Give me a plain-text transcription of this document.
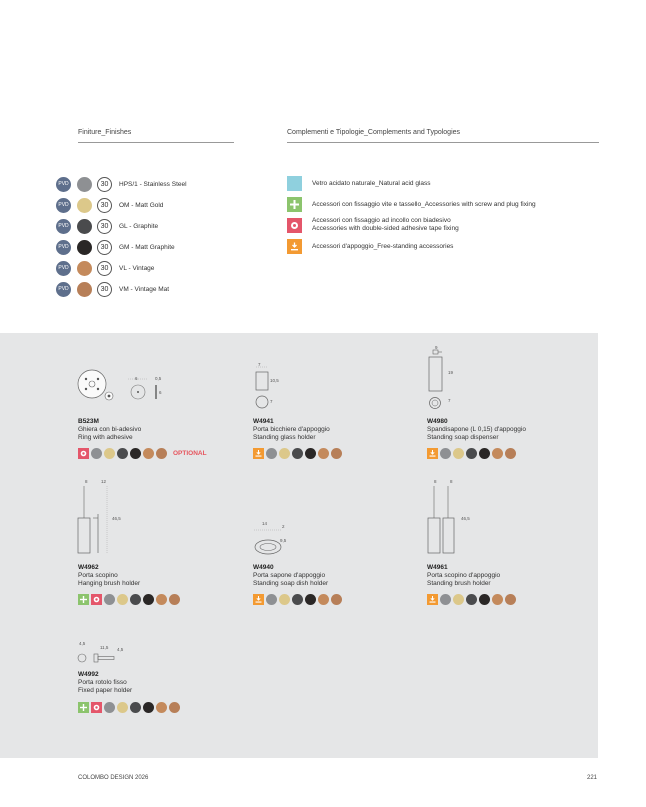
Finiture_Finishes	Complementi e Tipologie_Complements and Typologies
PVD	30	HPS/1 - Stainless Steel
PVD	30	OM - Matt Gold
PVD	30	GL - Graphite
PVD	30	GM - Matt Graphite
PVD	30	VL - Vintage
PVD	30	VM - Vintage Mat
Vetro acidato naturale_Natural acid glass
Accessori con fissaggio vite e tassello_Accessories with screw and plug fixing
Accessori con fissaggio ad incollo con biadesivo
Accessories with double-sided adhesive tape fixing
Accessori d'appoggio_Free-standing accessories
6	0,5
6
7
10,5
7
9
19
7
8	12
46,5
14
9,5
2
8	8
46,5
4,5
11,5 4,5
B523M
Ghiera con bi-adesivo
Ring with adhesive
OPTIONAL
W4941
Porta bicchiere d'appoggio
Standing glass holder
W4980
Spandisapone (L 0,15) d'appoggio
Standing soap dispenser
W4962
Porta scopino
Hanging brush holder
W4940
Porta sapone d'appoggio
Standing soap dish holder
W4961
Porta scopino d'appoggio
Standing brush holder
W4992
Porta rotolo fisso
Fixed paper holder
COLOMBO DESIGN 2026	221
